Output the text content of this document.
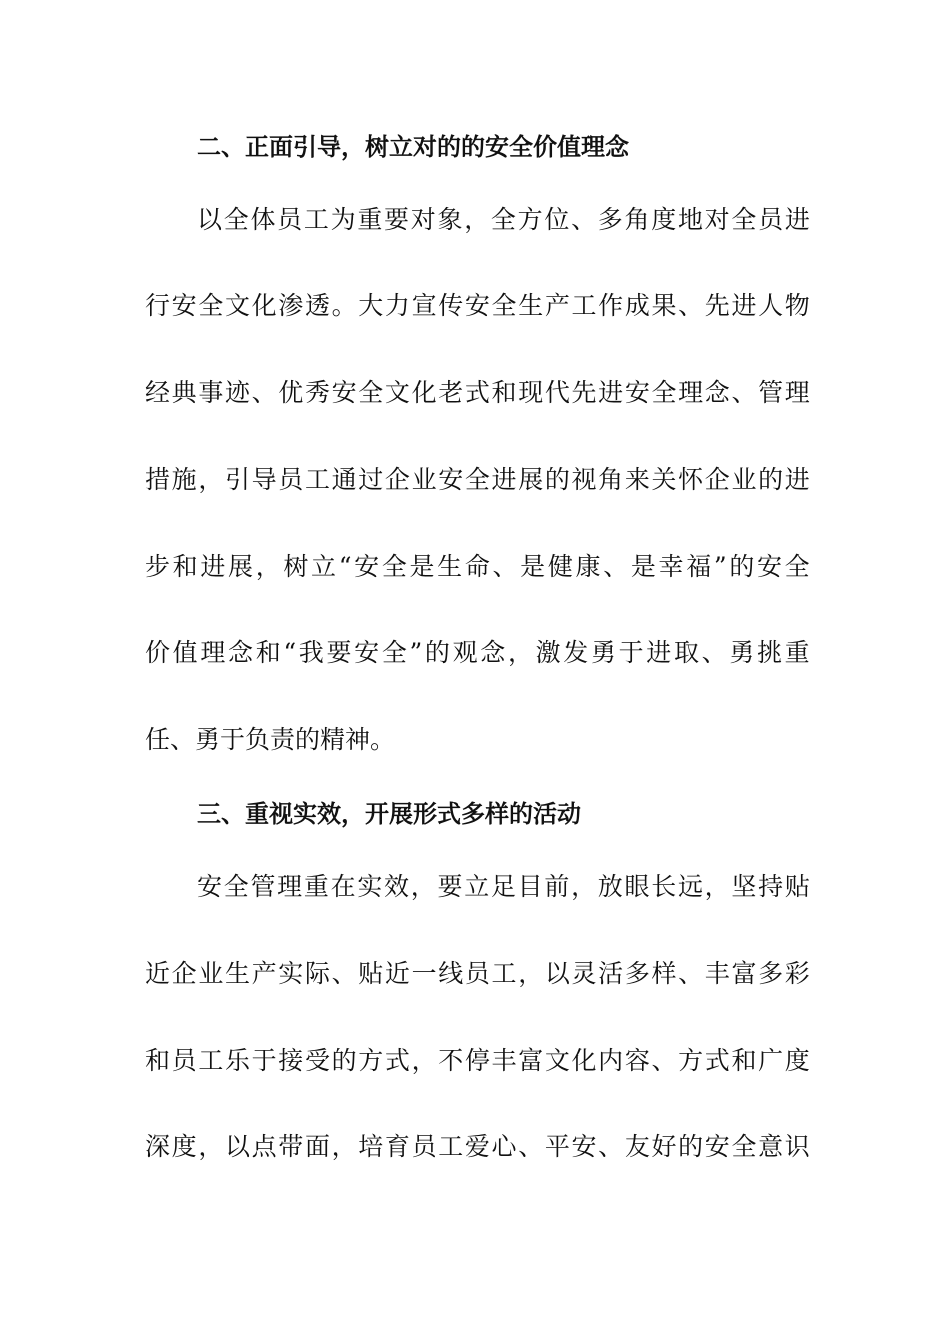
二、正面引导，树立对的的安全价值理念
以 全 体 员 工 为 重 要 对 象 ， 全 方 位 、 多 角 度 地 对 全 员 进
行 安 全 文 化 渗 透 。 大 力 宣 传 安 全 生 产 工 作 成 果 、 先 进 人 物
经 典 事 迹 、 优 秀 安 全 文 化 老 式 和 现 代 先 进 安 全 理 念 、 管 理
措 施 ， 引 导 员 工 通 过 企 业 安 全 进 展 的 视 角 来 关 怀 企 业 的 进
步 和 进 展 ， 树 立 “ 安 全 是 生 命 、 是 健 康 、 是 幸 福 ” 的 安 全
价 值 理 念 和 “ 我 要 安 全 ” 的 观 念 ， 激 发 勇 于 进 取 、 勇 挑 重
任、勇于负责的精神。
三、重视实效，开展形式多样的活动
安 全 管 理 重 在 实 效 ， 要 立 足 目 前 ， 放 眼 长 远 ， 坚 持 贴
近 企 业 生 产 实 际 、 贴 近 一 线 员 工 ， 以 灵 活 多 样 、 丰 富 多 彩
和 员 工 乐 于 接 受 的 方 式 ， 不 停 丰 富 文 化 内 容 、 方 式 和 广 度
深 度 ， 以 点 带 面 ， 培 育 员 工 爱 心 、 平 安 、 友 好 的 安 全 意 识
